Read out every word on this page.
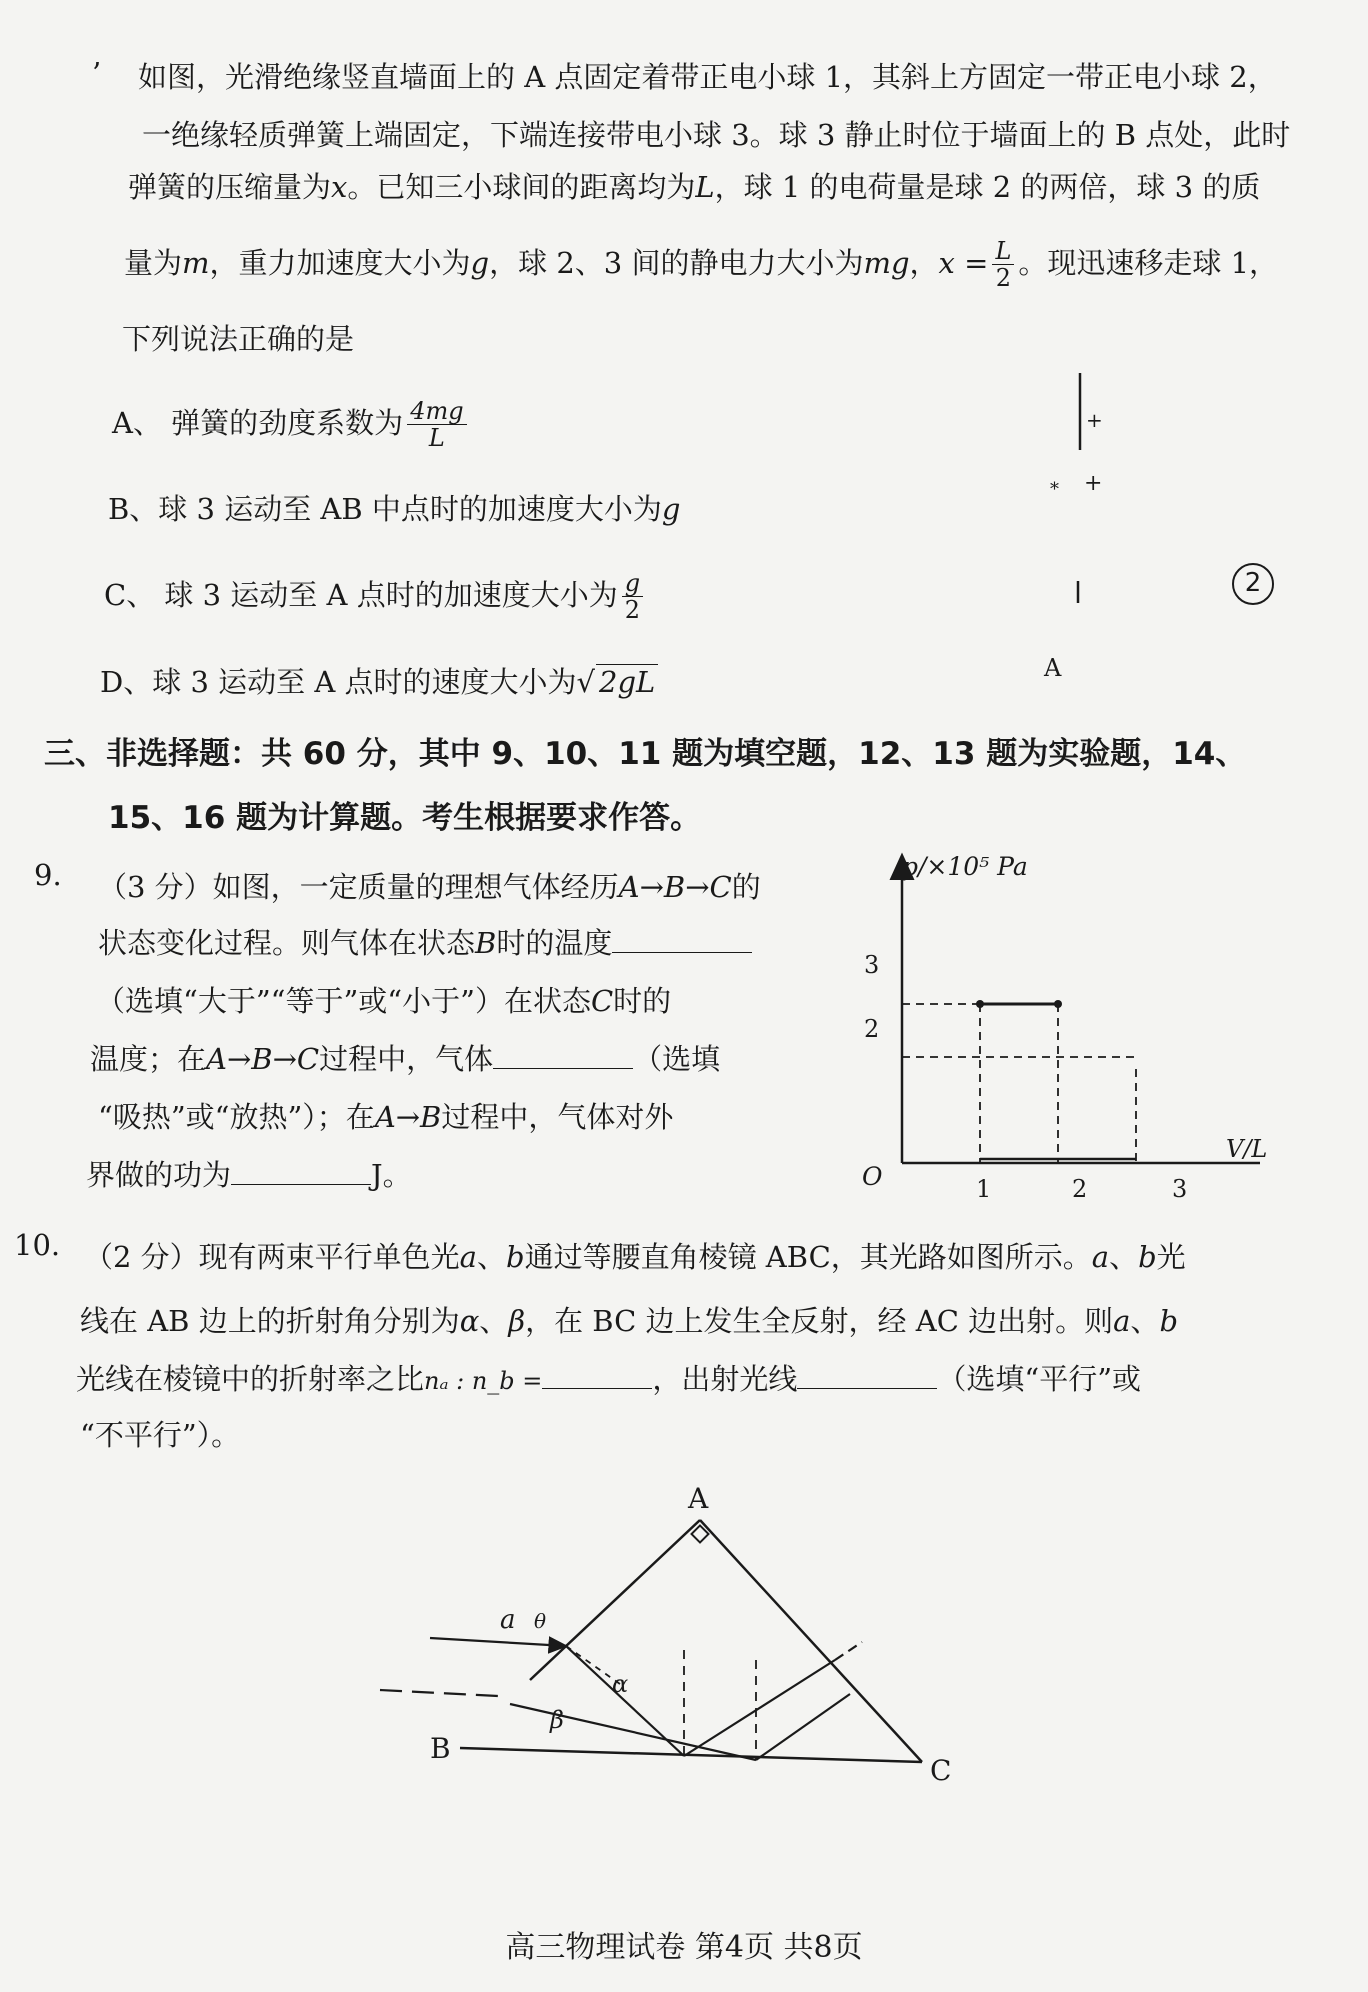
’ 如图，光滑绝缘竖直墙面上的 A 点固定着带正电小球 1，其斜上方固定一带正电小球 2，
一绝缘轻质弹簧上端固定，下端连接带电小球 3。球 3 静止时位于墙面上的 B 点处，此时
弹簧的压缩量为x。已知三小球间的距离均为L，球 1 的电荷量是球 2 的两倍，球 3 的质
量为m，重力加速度大小为g，球 2、3 间的静电力大小为mg，$x = \frac{L}{2}$ 。现迅速移走球 1，
下列说法正确的是
A、 弹簧的劲度系数为 $\frac{4mg}{L}$
B、球 3 运动至 AB 中点时的加速度大小为g
C、 球 3 运动至 A 点时的加速度大小为 $\frac{g}{2}$
D、球 3 运动至 A 点时的速度大小为√ 2gL
+
* +
A
2
三、非选择题：共 60 分，其中 9、10、11 题为填空题，12、13 题为实验题，14、
15、16 题为计算题。考生根据要求作答。
9. （3 分）如图，一定质量的理想气体经历A→B→C的
状态变化过程。则气体在状态B时的温度
（选填“大于”“等于”或“小于”）在状态C时的
温度；在A→B→C过程中，气体	（选填
“吸热”或“放热”）；在A→B过程中，气体对外
界做的功为	J。
p/×10⁵ Pa
V/L
O
3
2
1	2	3
10. （2 分）现有两束平行单色光a、b通过等腰直角棱镜 ABC，其光路如图所示。a、b光
线在 AB 边上的折射角分别为α、β，在 BC 边上发生全反射，经 AC 边出射。则a、b
光线在棱镜中的折射率之比nₐ : n_b =	，出射光线	（选填“平行”或
“不平行”）。
A
B
C
a θ
α
β
高三物理试卷 第4页 共8页
